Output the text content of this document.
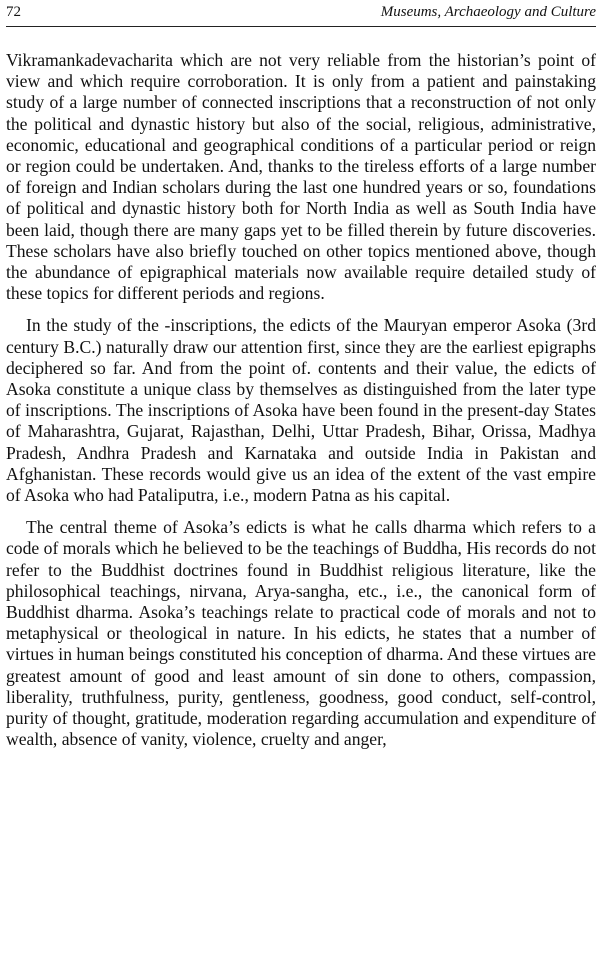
72	Museums, Archaeology and Culture

Vikramankadevacharita which are not very reliable from the historian’s point of view and which require corroboration. It is only from a patient and painstaking study of a large number of connected inscriptions that a reconstruction of not only the political and dynastic history but also of the social, religious, administrative, economic, educational and geographical conditions of a particular period or reign or region could be undertaken. And, thanks to the tireless efforts of a large number of foreign and Indian scholars during the last one hundred years or so, foundations of political and dynastic history both for North India as well as South India have been laid, though there are many gaps yet to be filled therein by future discoveries. These scholars have also briefly touched on other topics mentioned above, though the abundance of epigraphical materials now available require detailed study of these topics for different periods and regions.

In the study of the -inscriptions, the edicts of the Mauryan emperor Asoka (3rd century B.C.) naturally draw our attention first, since they are the earliest epigraphs deciphered so far. And from the point of. contents and their value, the edicts of Asoka constitute a unique class by themselves as distinguished from the later type of inscriptions. The inscriptions of Asoka have been found in the present-day States of Maharashtra, Gujarat, Rajasthan, Delhi, Uttar Pradesh, Bihar, Orissa, Madhya Pradesh, Andhra Pradesh and Karnataka and outside India in Pakistan and Afghanistan. These records would give us an idea of the extent of the vast empire of Asoka who had Pataliputra, i.e., modern Patna as his capital.

The central theme of Asoka’s edicts is what he calls dharma which refers to a code of morals which he believed to be the teachings of Buddha, His records do not refer to the Buddhist doctrines found in Buddhist religious literature, like the philosophical teachings, nirvana, Arya-sangha, etc., i.e., the canonical form of Buddhist dharma. Asoka’s teachings relate to practical code of morals and not to metaphysical or theological in nature. In his edicts, he states that a number of virtues in human beings constituted his conception of dharma. And these virtues are greatest amount of good and least amount of sin done to others, compassion, liberality, truthfulness, purity, gentleness, goodness, good conduct, self-control, purity of thought, gratitude, moderation regarding accumulation and expenditure of wealth, absence of vanity, violence, cruelty and anger,
